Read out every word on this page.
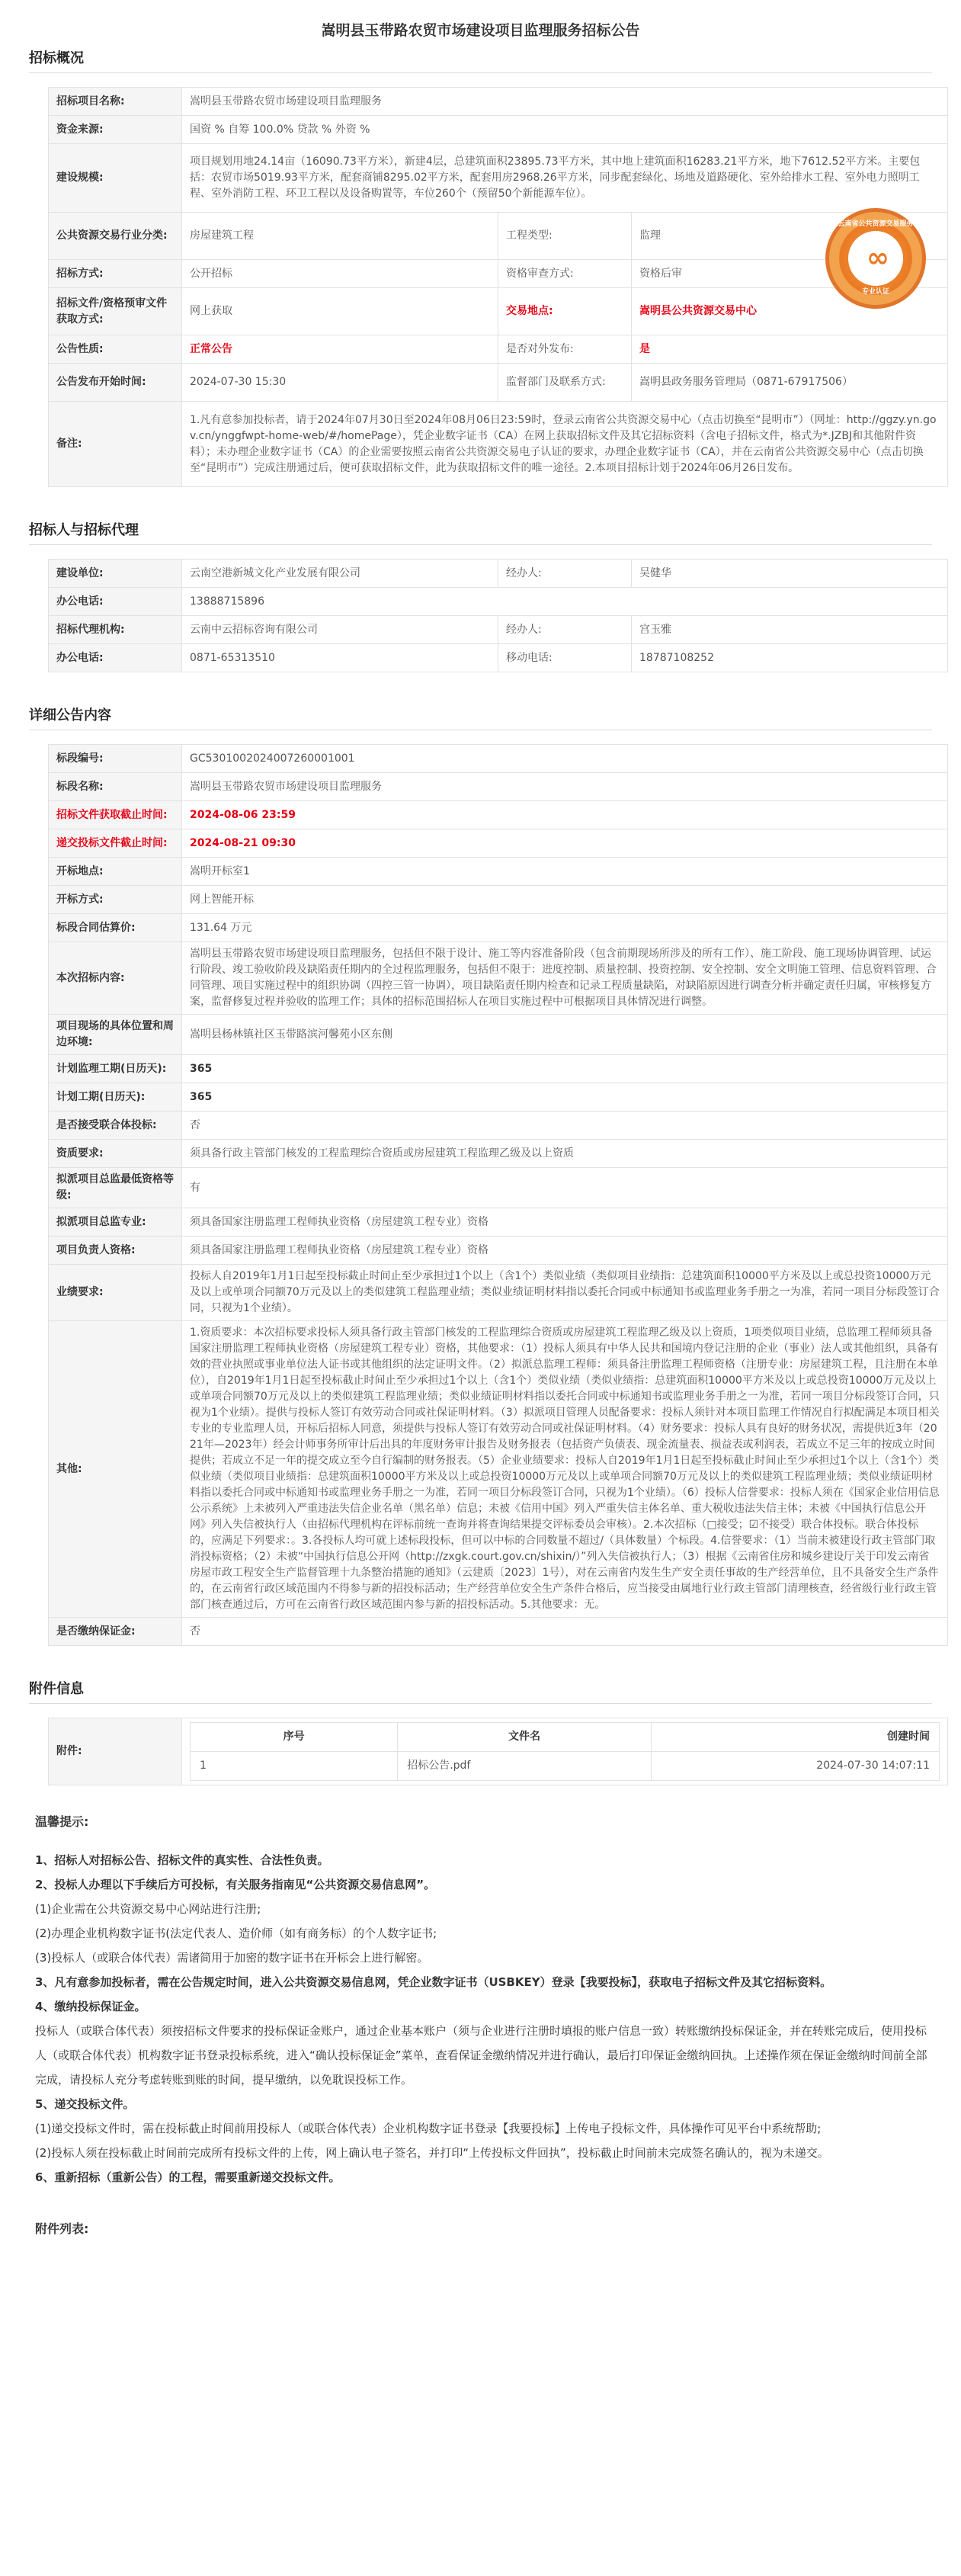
嵩明县玉带路农贸市场建设项目监理服务招标公告
招标概况
招标项目名称:	嵩明县玉带路农贸市场建设项目监理服务		
资金来源:	国资 % 自筹 100.0% 贷款 % 外资 %		
建设规模:	项目规划用地24.14亩（16090.73平方米），新建4层，总建筑面积23895.73平方米，其中地上建筑面积16283.21平方米，地下7612.52平方米。主要包括：农贸市场5019.93平方米，配套商铺8295.02平方米，配套用房2968.26平方米，同步配套绿化、场地及道路硬化、室外给排水工程、室外电力照明工程、室外消防工程、环卫工程以及设备购置等，车位260个（预留50个新能源车位）。		
公共资源交易行业分类:	房屋建筑工程	工程类型:	监理
云南省公共资源交易服务
∞
专业认证

招标方式:	公开招标	资格审查方式:	资格后审
招标文件/资格预审文件获取方式:	网上获取	交易地点:	嵩明县公共资源交易中心
公告性质:	正常公告	是否对外发布:	是
公告发布开始时间:	2024-07-30 15:30	监督部门及联系方式:	嵩明县政务服务管理局（0871-67917506）
备注:	1.凡有意参加投标者，请于2024年07月30日至2024年08月06日23:59时，登录云南省公共资源交易中心（点击切换至“昆明市”）（网址：http://ggzy.yn.gov.cn/ynggfwpt-home-web/#/homePage），凭企业数字证书（CA）在网上获取招标文件及其它招标资料（含电子招标文件，格式为*.JZBJ和其他附件资料）；未办理企业数字证书（CA）的企业需要按照云南省公共资源交易电子认证的要求，办理企业数字证书（CA），并在云南省公共资源交易中心（点击切换至“昆明市”）完成注册通过后，便可获取招标文件，此为获取招标文件的唯一途径。2.本项目招标计划于2024年06月26日发布。		
招标人与招标代理
建设单位:	云南空港新城文化产业发展有限公司	经办人:	吴健华
办公电话:	13888715896		
招标代理机构:	云南中云招标咨询有限公司	经办人:	宫玉雅
办公电话:	0871-65313510	移动电话:	18787108252
详细公告内容
标段编号:	GC5301002024007260001001
标段名称:	嵩明县玉带路农贸市场建设项目监理服务
招标文件获取截止时间:	2024-08-06 23:59
递交投标文件截止时间:	2024-08-21 09:30
开标地点:	嵩明开标室1
开标方式:	网上智能开标
标段合同估算价:	131.64 万元
本次招标内容:	嵩明县玉带路农贸市场建设项目监理服务，包括但不限于设计、施工等内容准备阶段（包含前期现场所涉及的所有工作）、施工阶段、施工现场协调管理、试运行阶段、竣工验收阶段及缺陷责任期内的全过程监理服务，包括但不限于：进度控制、质量控制、投资控制、安全控制、安全文明施工管理、信息资料管理、合同管理、项目实施过程中的组织协调（四控三管一协调），项目缺陷责任期内检查和记录工程质量缺陷，对缺陷原因进行调查分析并确定责任归属，审核修复方案，监督修复过程并验收的监理工作；具体的招标范围招标人在项目实施过程中可根据项目具体情况进行调整。
项目现场的具体位置和周边环境:	嵩明县杨林镇社区玉带路滨河馨苑小区东侧
计划监理工期(日历天):	365
计划工期(日历天):	365
是否接受联合体投标:	否
资质要求:	须具备行政主管部门核发的工程监理综合资质或房屋建筑工程监理乙级及以上资质
拟派项目总监最低资格等级:	有
拟派项目总监专业:	须具备国家注册监理工程师执业资格（房屋建筑工程专业）资格
项目负责人资格:	须具备国家注册监理工程师执业资格（房屋建筑工程专业）资格
业绩要求:	投标人自2019年1月1日起至投标截止时间止至少承担过1个以上（含1个）类似业绩（类似项目业绩指：总建筑面积10000平方米及以上或总投资10000万元及以上或单项合同额70万元及以上的类似建筑工程监理业绩；类似业绩证明材料指以委托合同或中标通知书或监理业务手册之一为准，若同一项目分标段签订合同，只视为1个业绩）。
其他:	1.资质要求：本次招标要求投标人须具备行政主管部门核发的工程监理综合资质或房屋建筑工程监理乙级及以上资质，1项类似项目业绩，总监理工程师须具备国家注册监理工程师执业资格（房屋建筑工程专业）资格，其他要求：（1）投标人须具有中华人民共和国境内登记注册的企业（事业）法人或其他组织，具备有效的营业执照或事业单位法人证书或其他组织的法定证明文件。（2）拟派总监理工程师：须具备注册监理工程师资格（注册专业：房屋建筑工程，且注册在本单位），自2019年1月1日起至投标截止时间止至少承担过1个以上（含1个）类似业绩（类似业绩指：总建筑面积10000平方米及以上或总投资10000万元及以上或单项合同额70万元及以上的类似建筑工程监理业绩；类似业绩证明材料指以委托合同或中标通知书或监理业务手册之一为准，若同一项目分标段签订合同，只视为1个业绩）。提供与投标人签订有效劳动合同或社保证明材料。（3）拟派项目管理人员配备要求：投标人须针对本项目监理工作情况自行拟配满足本项目相关专业的专业监理人员，开标后招标人同意，须提供与投标人签订有效劳动合同或社保证明材料。（4）财务要求：投标人具有良好的财务状况，需提供近3年（2021年—2023年）经会计师事务所审计后出具的年度财务审计报告及财务报表（包括资产负债表、现金流量表、损益表或利润表，若成立不足三年的按成立时间提供；若成立不足一年的提交成立至今自行编制的财务报表。（5）企业业绩要求：投标人自2019年1月1日起至投标截止时间止至少承担过1个以上（含1个）类似业绩（类似项目业绩指：总建筑面积10000平方米及以上或总投资10000万元及以上或单项合同额70万元及以上的类似建筑工程监理业绩；类似业绩证明材料指以委托合同或中标通知书或监理业务手册之一为准，若同一项目分标段签订合同，只视为1个业绩）。（6）投标人信誉要求：投标人须在《国家企业信用信息公示系统》上未被列入严重违法失信企业名单（黑名单）信息；未被《信用中国》列入严重失信主体名单、重大税收违法失信主体；未被《中国执行信息公开网》列入失信被执行人（由招标代理机构在评标前统一查询并将查询结果提交评标委员会审核）。2.本次招标（□接受；☑不接受）联合体投标。联合体投标的，应满足下列要求：。3.各投标人均可就上述标段投标，但可以中标的合同数量不超过/（具体数量）个标段。4.信誉要求：（1）当前未被建设行政主管部门取消投标资格；（2）未被“中国执行信息公开网（http://zxgk.court.gov.cn/shixin/）”列入失信被执行人；（3）根据《云南省住房和城乡建设厅关于印发云南省房屋市政工程安全生产监督管理十九条整治措施的通知》（云建质〔2023〕1号），对在云南省内发生生产安全责任事故的生产经营单位，且不具备安全生产条件的，在云南省行政区域范围内不得参与新的招投标活动；生产经营单位安全生产条件合格后，应当接受由属地行业行政主管部门清理核查，经省级行业行政主管部门核查通过后，方可在云南省行政区域范围内参与新的招投标活动。5.其他要求：无。
是否缴纳保证金:	否
附件信息
附件:	
序号	文件名	创建时间
1	招标公告.pdf	2024-07-30 14:07:11
温馨提示:

1、招标人对招标公告、招标文件的真实性、合法性负责。

2、投标人办理以下手续后方可投标，有关服务指南见“公共资源交易信息网”。

(1)企业需在公共资源交易中心网站进行注册;

(2)办理企业机构数字证书(法定代表人、造价师（如有商务标）的个人数字证书;

(3)投标人（或联合体代表）需诸简用于加密的数字证书在开标会上进行解密。

3、凡有意参加投标者，需在公告规定时间，进入公共资源交易信息网，凭企业数字证书（USBKEY）登录【我要投标】，获取电子招标文件及其它招标资料。

4、缴纳投标保证金。

投标人（或联合体代表）须按招标文件要求的投标保证金账户，通过企业基本账户（须与企业进行注册时填报的账户信息一致）转账缴纳投标保证金，并在转账完成后，使用投标人（或联合体代表）机构数字证书登录投标系统，进入“确认投标保证金”菜单，查看保证金缴纳情况并进行确认，最后打印保证金缴纳回执。上述操作须在保证金缴纳时间前全部完成，请投标人充分考虑转账到账的时间，提早缴纳，以免耽误投标工作。

5、递交投标文件。

(1)递交投标文件时，需在投标截止时间前用投标人（或联合体代表）企业机构数字证书登录【我要投标】上传电子投标文件，具体操作可见平台中系统帮助;

(2)投标人须在投标截止时间前完成所有投标文件的上传，网上确认电子签名，并打印“上传投标文件回执”，投标截止时间前未完成签名确认的，视为未递交。

6、重新招标（重新公告）的工程，需要重新递交投标文件。

附件列表:
